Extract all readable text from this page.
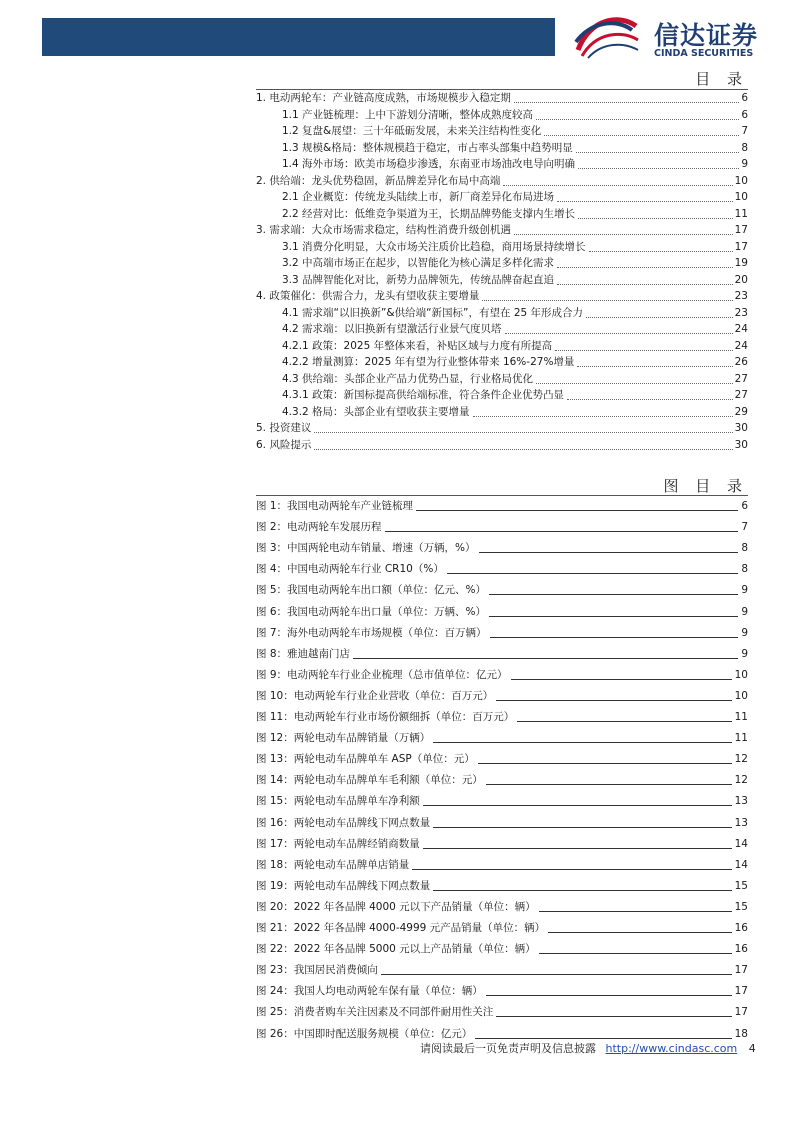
信达证券
CINDA SECURITIES
目 录
1. 电动两轮车：产业链高度成熟，市场规模步入稳定期	6
1.1 产业链梳理：上中下游划分清晰，整体成熟度较高	6
1.2 复盘&展望：三十年砥砺发展，未来关注结构性变化	7
1.3 规模&格局：整体规模趋于稳定，市占率头部集中趋势明显	8
1.4 海外市场：欧美市场稳步渗透，东南亚市场油改电导向明确	9
2. 供给端：龙头优势稳固，新品牌差异化布局中高端	10
2.1 企业概览：传统龙头陆续上市，新厂商差异化布局进场	10
2.2 经营对比：低维竞争渠道为王，长期品牌势能支撑内生增长	11
3. 需求端：大众市场需求稳定，结构性消费升级创机遇	17
3.1 消费分化明显，大众市场关注质价比趋稳，商用场景持续增长	17
3.2 中高端市场正在起步，以智能化为核心满足多样化需求	19
3.3 品牌智能化对比，新势力品牌领先，传统品牌奋起直追	20
4. 政策催化：供需合力，龙头有望收获主要增量	23
4.1 需求端“以旧换新”&供给端“新国标”，有望在 25 年形成合力	23
4.2 需求端：以旧换新有望激活行业景气度贝塔	24
4.2.1 政策：2025 年整体来看，补贴区域与力度有所提高	24
4.2.2 增量测算：2025 年有望为行业整体带来 16%-27%增量	26
4.3 供给端：头部企业产品力优势凸显，行业格局优化	27
4.3.1 政策：新国标提高供给端标准，符合条件企业优势凸显	27
4.3.2 格局：头部企业有望收获主要增量	29
5. 投资建议	30
6. 风险提示	30
图 目 录
图 1：我国电动两轮车产业链梳理	6
图 2：电动两轮车发展历程	7
图 3：中国两轮电动车销量、增速（万辆，%）	8
图 4：中国电动两轮车行业 CR10（%）	8
图 5：我国电动两轮车出口额（单位：亿元、%）	9
图 6：我国电动两轮车出口量（单位：万辆、%）	9
图 7：海外电动两轮车市场规模（单位：百万辆）	9
图 8：雅迪越南门店	9
图 9：电动两轮车行业企业梳理（总市值单位：亿元）	10
图 10：电动两轮车行业企业营收（单位：百万元）	10
图 11：电动两轮车行业市场份额细拆（单位：百万元）	11
图 12：两轮电动车品牌销量（万辆）	11
图 13：两轮电动车品牌单车 ASP（单位：元）	12
图 14：两轮电动车品牌单车毛利额（单位：元）	12
图 15：两轮电动车品牌单车净利额	13
图 16：两轮电动车品牌线下网点数量	13
图 17：两轮电动车品牌经销商数量	14
图 18：两轮电动车品牌单店销量	14
图 19：两轮电动车品牌线下网点数量	15
图 20：2022 年各品牌 4000 元以下产品销量（单位：辆）	15
图 21：2022 年各品牌 4000-4999 元产品销量（单位：辆）	16
图 22：2022 年各品牌 5000 元以上产品销量（单位：辆）	16
图 23：我国居民消费倾向	17
图 24：我国人均电动两轮车保有量（单位：辆）	17
图 25：消费者购车关注因素及不同部件耐用性关注	17
图 26：中国即时配送服务规模（单位：亿元）	18
请阅读最后一页免责声明及信息披露 http://www.cindasc.com 4
